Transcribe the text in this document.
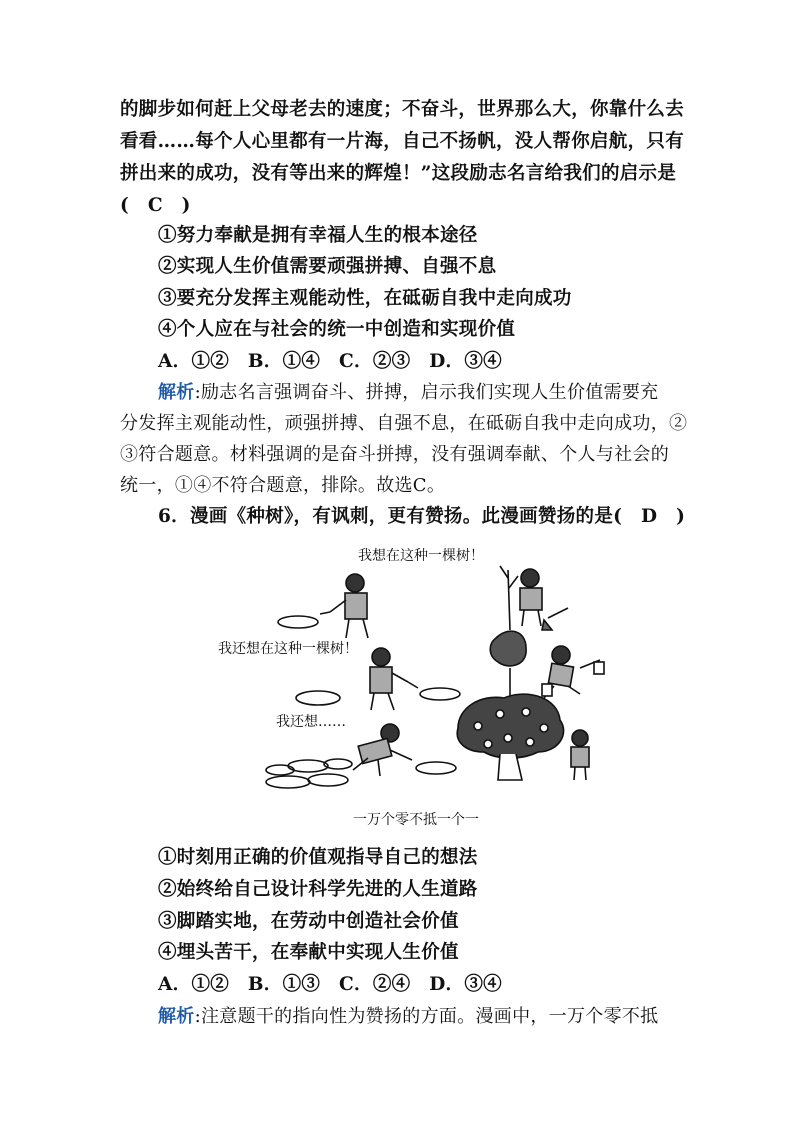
的脚步如何赶上父母老去的速度；不奋斗，世界那么大，你靠什么去
看看……每个人心里都有一片海，自己不扬帆，没人帮你启航，只有
拼出来的成功，没有等出来的辉煌！”这段励志名言给我们的启示是
(　C　)
①努力奉献是拥有幸福人生的根本途径
②实现人生价值需要顽强拼搏、自强不息
③要充分发挥主观能动性，在砥砺自我中走向成功
④个人应在与社会的统一中创造和实现价值
A．①②　B．①④　C．②③　D．③④
解析:励志名言强调奋斗、拼搏，启示我们实现人生价值需要充
分发挥主观能动性，顽强拼搏、自强不息，在砥砺自我中走向成功，②
③符合题意。材料强调的是奋斗拼搏，没有强调奉献、个人与社会的
统一，①④不符合题意，排除。故选C。
6．漫画《种树》，有讽刺，更有赞扬。此漫画赞扬的是(　D　)
我想在这种一棵树！
我还想在这种一棵树！
我还想……
一万个零不抵一个一
①时刻用正确的价值观指导自己的想法
②始终给自己设计科学先进的人生道路
③脚踏实地，在劳动中创造社会价值
④埋头苦干，在奉献中实现人生价值
A．①②　B．①③　C．②④　D．③④
解析:注意题干的指向性为赞扬的方面。漫画中，一万个零不抵
